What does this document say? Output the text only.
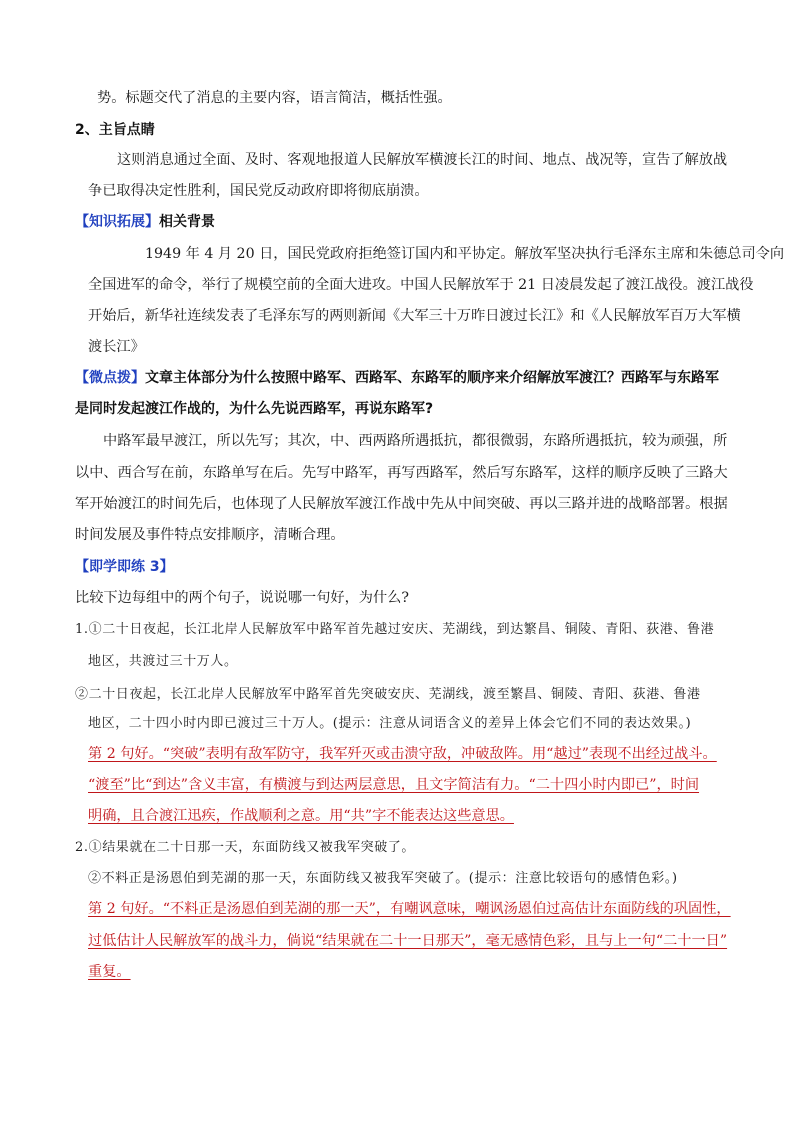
势。标题交代了消息的主要内容，语言简洁，概括性强。
2、主旨点睛
这则消息通过全面、及时、客观地报道人民解放军横渡长江的时间、地点、战况等，宣告了解放战
争已取得决定性胜利，国民党反动政府即将彻底崩溃。
【知识拓展】相关背景
1949 年 4 月 20 日，国民党政府拒绝签订国内和平协定。解放军坚决执行毛泽东主席和朱德总司令向
全国进军的命令，举行了规模空前的全面大进攻。中国人民解放军于 21 日凌晨发起了渡江战役。渡江战役
开始后，新华社连续发表了毛泽东写的两则新闻《大军三十万昨日渡过长江》和《人民解放军百万大军横
渡长江》
【微点拨】文章主体部分为什么按照中路军、西路军、东路军的顺序来介绍解放军渡江？西路军与东路军
是同时发起渡江作战的，为什么先说西路军，再说东路军?
中路军最早渡江，所以先写；其次，中、西两路所遇抵抗，都很微弱，东路所遇抵抗，较为顽强，所
以中、西合写在前，东路单写在后。先写中路军，再写西路军，然后写东路军，这样的顺序反映了三路大
军开始渡江的时间先后，也体现了人民解放军渡江作战中先从中间突破、再以三路并进的战略部署。根据
时间发展及事件特点安排顺序，清晰合理。
【即学即练 3】
比较下边每组中的两个句子，说说哪一句好，为什么?
1.①二十日夜起，长江北岸人民解放军中路军首先越过安庆、芜湖线，到达繁昌、铜陵、青阳、荻港、鲁港
地区，共渡过三十万人。
②二十日夜起，长江北岸人民解放军中路军首先突破安庆、芜湖线，渡至繁昌、铜陵、青阳、荻港、鲁港
地区，二十四小时内即已渡过三十万人。(提示：注意从词语含义的差异上体会它们不同的表达效果。)
第 2 句好。“突破”表明有敌军防守，我军歼灭或击溃守敌，冲破敌阵。用“越过”表现不出经过战斗。
“渡至”比“到达”含义丰富，有横渡与到达两层意思，且文字简洁有力。“二十四小时内即已”，时间
明确，且合渡江迅疾，作战顺利之意。用“共”字不能表达这些意思。
2.①结果就在二十日那一天，东面防线又被我军突破了。
②不料正是汤恩伯到芜湖的那一天，东面防线又被我军突破了。(提示：注意比较语句的感情色彩。)
第 2 句好。“不料正是汤恩伯到芜湖的那一天”，有嘲讽意味，嘲讽汤恩伯过高估计东面防线的巩固性，
过低估计人民解放军的战斗力，倘说“结果就在二十一日那天”，毫无感情色彩，且与上一句“二十一日”
重复。
